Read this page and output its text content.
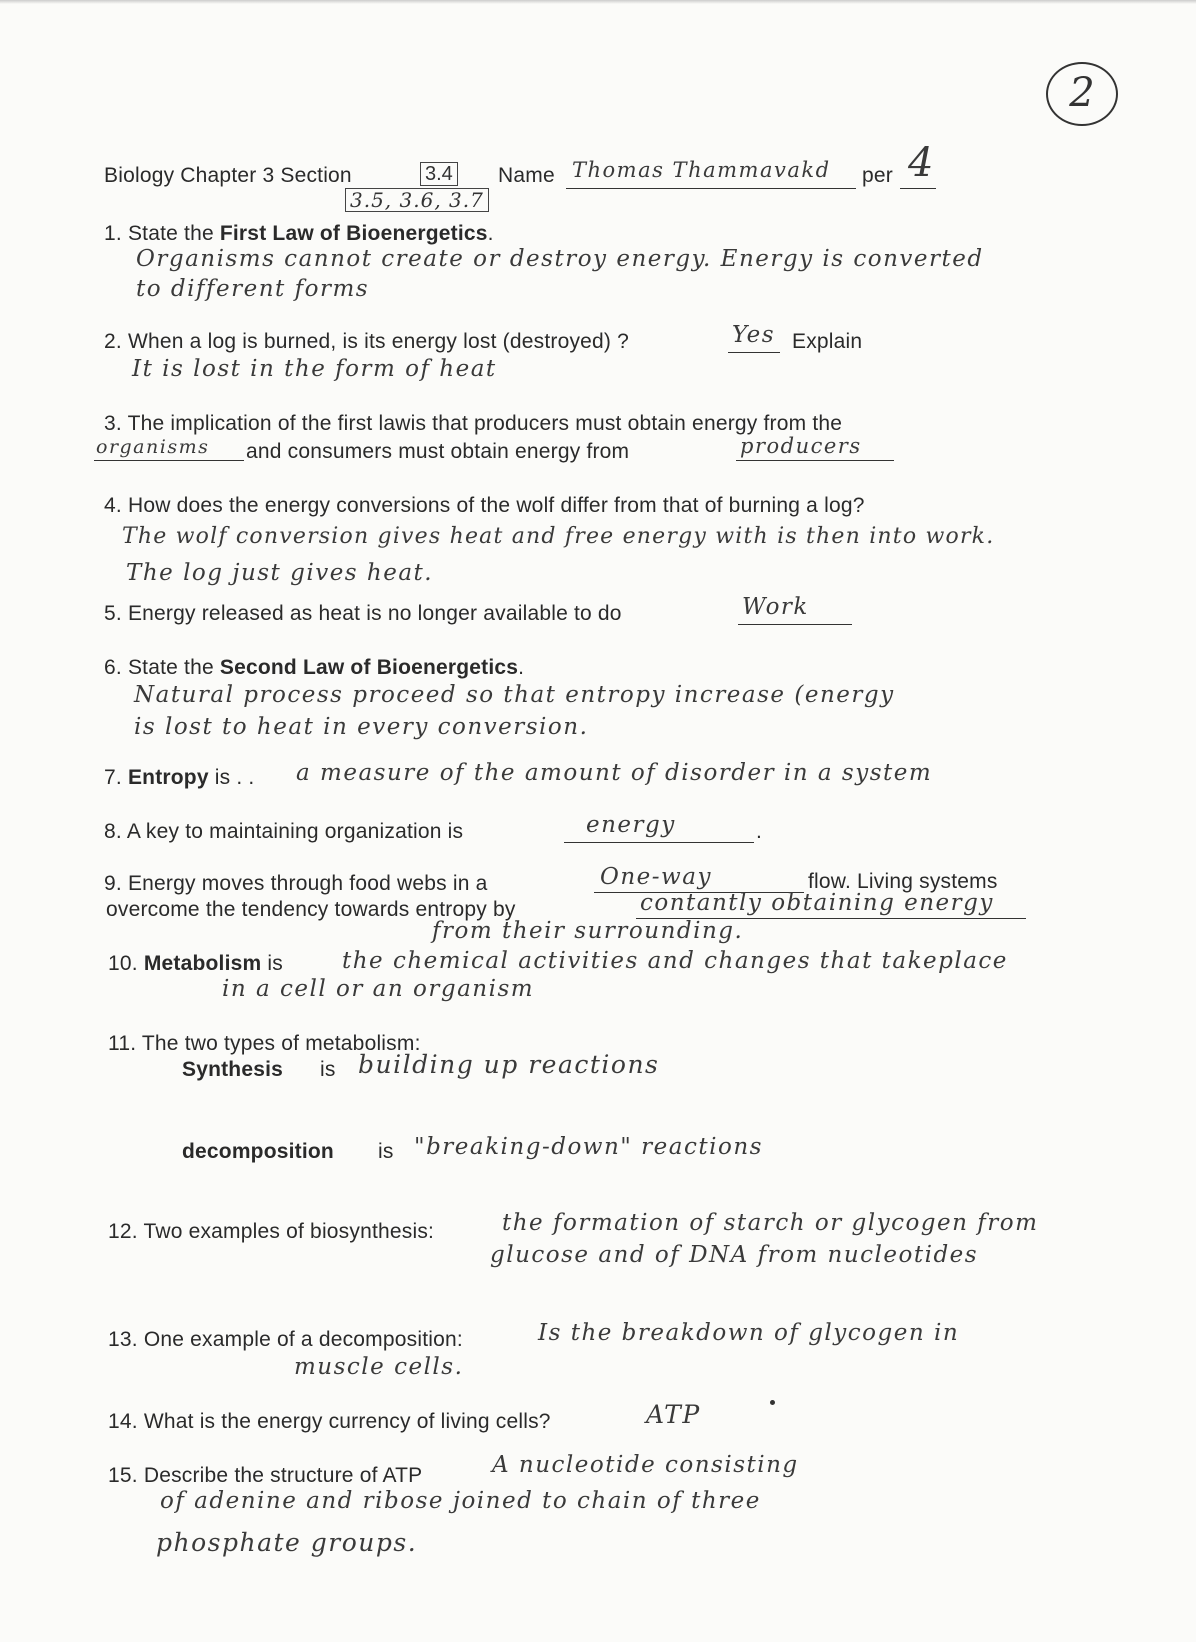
2
Biology Chapter 3 Section	3.4
3.5, 3.6, 3.7
Name Thomas Thammavakd per 4
1. State the First Law of Bioenergetics.
Organisms cannot create or destroy energy. Energy is converted
to different forms
2. When a log is burned, is its energy lost (destroyed) ?	Yes Explain
It is lost in the form of heat
3. The implication of the first lawis that producers must obtain energy from the
organisms and consumers must obtain energy from	producers
4. How does the energy conversions of the wolf differ from that of burning a log?
The wolf conversion gives heat and free energy with is then into work.
The log just gives heat.
5. Energy released as heat is no longer available to do	Work
6. State the Second Law of Bioenergetics.
Natural process proceed so that entropy increase (energy
is lost to heat in every conversion.
7. Entropy is . . a measure of the amount of disorder in a system
8. A key to maintaining organization is	energy	.
9. Energy moves through food webs in a	One-way	flow. Living systems
overcome the tendency towards entropy by	contantly obtaining energy
from their surrounding.
10. Metabolism is	the chemical activities and changes that takeplace
in a cell or an organism
11. The two types of metabolism:
Synthesis is building up reactions
decomposition is "breaking-down" reactions
12. Two examples of biosynthesis:	the formation of starch or glycogen from
glucose and of DNA from nucleotides
13. One example of a decomposition:	Is the breakdown of glycogen in
muscle cells.
14. What is the energy currency of living cells?	ATP
15. Describe the structure of ATP	A nucleotide consisting
of adenine and ribose joined to chain of three
phosphate groups.
